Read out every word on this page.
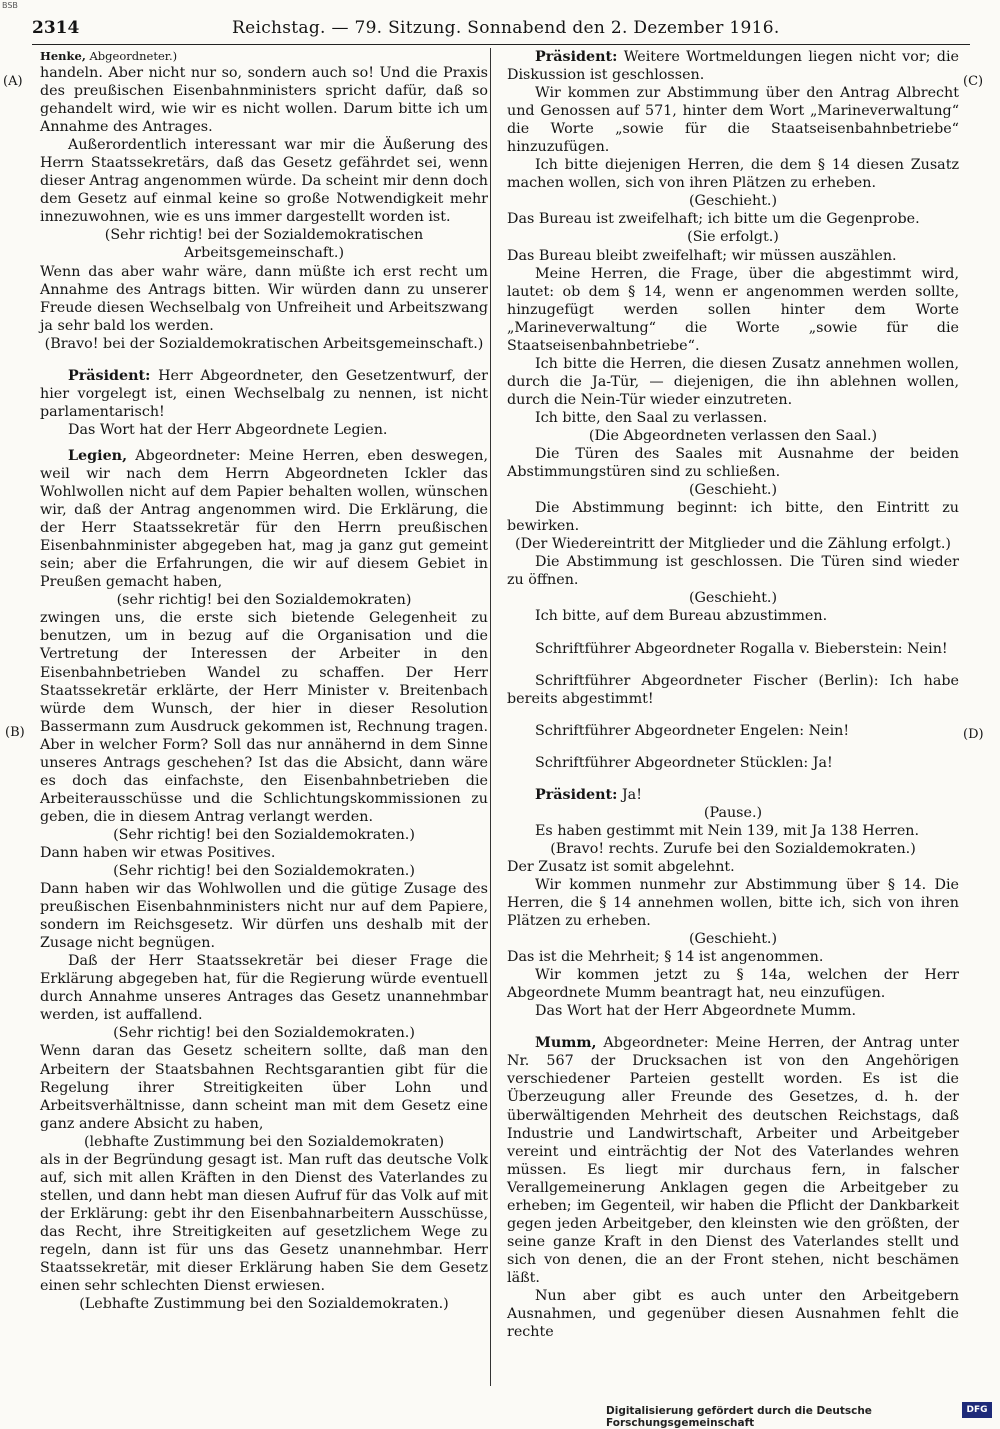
BSB
2314	Reichstag. — 79. Sitzung. Sonnabend den 2. Dezember 1916.
(A)
(B)
(C)
(D)

Henke, Abgeordneter.)

handeln. Aber nicht nur so, sondern auch so! Und die Praxis des preußischen Eisenbahnministers spricht dafür, daß so gehandelt wird, wie wir es nicht wollen. Darum bitte ich um Annahme des Antrages.

Außerordentlich interessant war mir die Äußerung des Herrn Staatssekretärs, daß das Gesetz gefährdet sei, wenn dieser Antrag angenommen würde. Da scheint mir denn doch dem Gesetz auf einmal keine so große Notwendigkeit mehr innezuwohnen, wie es uns immer dargestellt worden ist.

(Sehr richtig! bei der Sozialdemokratischen Arbeitsgemeinschaft.)

Wenn das aber wahr wäre, dann müßte ich erst recht um Annahme des Antrags bitten. Wir würden dann zu unserer Freude diesen Wechselbalg von Unfreiheit und Arbeitszwang ja sehr bald los werden.

(Bravo! bei der Sozialdemokratischen Arbeitsgemeinschaft.)

Präsident: Herr Abgeordneter, den Gesetzentwurf, der hier vorgelegt ist, einen Wechselbalg zu nennen, ist nicht parlamentarisch!

Das Wort hat der Herr Abgeordnete Legien.

Legien, Abgeordneter: Meine Herren, eben deswegen, weil wir nach dem Herrn Abgeordneten Ickler das Wohlwollen nicht auf dem Papier behalten wollen, wünschen wir, daß der Antrag angenommen wird. Die Erklärung, die der Herr Staatssekretär für den Herrn preußischen Eisenbahnminister abgegeben hat, mag ja ganz gut gemeint sein; aber die Erfahrungen, die wir auf diesem Gebiet in Preußen gemacht haben,

(sehr richtig! bei den Sozialdemokraten)

zwingen uns, die erste sich bietende Gelegenheit zu benutzen, um in bezug auf die Organisation und die Vertretung der Interessen der Arbeiter in den Eisenbahnbetrieben Wandel zu schaffen. Der Herr Staatssekretär erklärte, der Herr Minister v. Breitenbach würde dem Wunsch, der hier in dieser Resolution Bassermann zum Ausdruck gekommen ist, Rechnung tragen. Aber in welcher Form? Soll das nur annähernd in dem Sinne unseres Antrags geschehen? Ist das die Absicht, dann wäre es doch das einfachste, den Eisenbahnbetrieben die Arbeiterausschüsse und die Schlichtungskommissionen zu geben, die in diesem Antrag verlangt werden.

(Sehr richtig! bei den Sozialdemokraten.)

Dann haben wir etwas Positives.

(Sehr richtig! bei den Sozialdemokraten.)

Dann haben wir das Wohlwollen und die gütige Zusage des preußischen Eisenbahnministers nicht nur auf dem Papiere, sondern im Reichsgesetz. Wir dürfen uns deshalb mit der Zusage nicht begnügen.

Daß der Herr Staatssekretär bei dieser Frage die Erklärung abgegeben hat, für die Regierung würde eventuell durch Annahme unseres Antrages das Gesetz unannehmbar werden, ist auffallend.

(Sehr richtig! bei den Sozialdemokraten.)

Wenn daran das Gesetz scheitern sollte, daß man den Arbeitern der Staatsbahnen Rechtsgarantien gibt für die Regelung ihrer Streitigkeiten über Lohn und Arbeitsverhältnisse, dann scheint man mit dem Gesetz eine ganz andere Absicht zu haben,

(lebhafte Zustimmung bei den Sozialdemokraten)

als in der Begründung gesagt ist. Man ruft das deutsche Volk auf, sich mit allen Kräften in den Dienst des Vaterlandes zu stellen, und dann hebt man diesen Aufruf für das Volk auf mit der Erklärung: gebt ihr den Eisenbahnarbeitern Ausschüsse, das Recht, ihre Streitigkeiten auf gesetzlichem Wege zu regeln, dann ist für uns das Gesetz unannehmbar. Herr Staatssekretär, mit dieser Erklärung haben Sie dem Gesetz einen sehr schlechten Dienst erwiesen.

(Lebhafte Zustimmung bei den Sozialdemokraten.)

Präsident: Weitere Wortmeldungen liegen nicht vor; die Diskussion ist geschlossen.

Wir kommen zur Abstimmung über den Antrag Albrecht und Genossen auf 571, hinter dem Wort „Marineverwaltung“ die Worte „sowie für die Staatseisenbahnbetriebe“ hinzuzufügen.

Ich bitte diejenigen Herren, die dem § 14 diesen Zusatz machen wollen, sich von ihren Plätzen zu erheben.

(Geschieht.)

Das Bureau ist zweifelhaft; ich bitte um die Gegenprobe.

(Sie erfolgt.)

Das Bureau bleibt zweifelhaft; wir müssen auszählen.

Meine Herren, die Frage, über die abgestimmt wird, lautet: ob dem § 14, wenn er angenommen werden sollte, hinzugefügt werden sollen hinter dem Worte „Marineverwaltung“ die Worte „sowie für die Staatseisenbahnbetriebe“.

Ich bitte die Herren, die diesen Zusatz annehmen wollen, durch die Ja-Tür, — diejenigen, die ihn ablehnen wollen, durch die Nein-Tür wieder einzutreten.

Ich bitte, den Saal zu verlassen.

(Die Abgeordneten verlassen den Saal.)

Die Türen des Saales mit Ausnahme der beiden Abstimmungstüren sind zu schließen.

(Geschieht.)

Die Abstimmung beginnt: ich bitte, den Eintritt zu bewirken.

(Der Wiedereintritt der Mitglieder und die Zählung erfolgt.)

Die Abstimmung ist geschlossen. Die Türen sind wieder zu öffnen.

(Geschieht.)

Ich bitte, auf dem Bureau abzustimmen.

Schriftführer Abgeordneter Rogalla v. Bieberstein: Nein!

Schriftführer Abgeordneter Fischer (Berlin): Ich habe bereits abgestimmt!

Schriftführer Abgeordneter Engelen: Nein!

Schriftführer Abgeordneter Stücklen: Ja!

Präsident: Ja!

(Pause.)

Es haben gestimmt mit Nein 139, mit Ja 138 Herren.

(Bravo! rechts. Zurufe bei den Sozialdemokraten.)

Der Zusatz ist somit abgelehnt.

Wir kommen nunmehr zur Abstimmung über § 14. Die Herren, die § 14 annehmen wollen, bitte ich, sich von ihren Plätzen zu erheben.

(Geschieht.)

Das ist die Mehrheit; § 14 ist angenommen.

Wir kommen jetzt zu § 14a, welchen der Herr Abgeordnete Mumm beantragt hat, neu einzufügen.

Das Wort hat der Herr Abgeordnete Mumm.

Mumm, Abgeordneter: Meine Herren, der Antrag unter Nr. 567 der Drucksachen ist von den Angehörigen verschiedener Parteien gestellt worden. Es ist die Überzeugung aller Freunde des Gesetzes, d. h. der überwältigenden Mehrheit des deutschen Reichstags, daß Industrie und Landwirtschaft, Arbeiter und Arbeitgeber vereint und einträchtig der Not des Vaterlandes wehren müssen. Es liegt mir durchaus fern, in falscher Verallgemeinerung Anklagen gegen die Arbeitgeber zu erheben; im Gegenteil, wir haben die Pflicht der Dankbarkeit gegen jeden Arbeitgeber, den kleinsten wie den größten, der seine ganze Kraft in den Dienst des Vaterlandes stellt und sich von denen, die an der Front stehen, nicht beschämen läßt.

Nun aber gibt es auch unter den Arbeitgebern Ausnahmen, und gegenüber diesen Ausnahmen fehlt die rechte

Digitalisierung gefördert durch die Deutsche Forschungsgemeinschaft
DFG
